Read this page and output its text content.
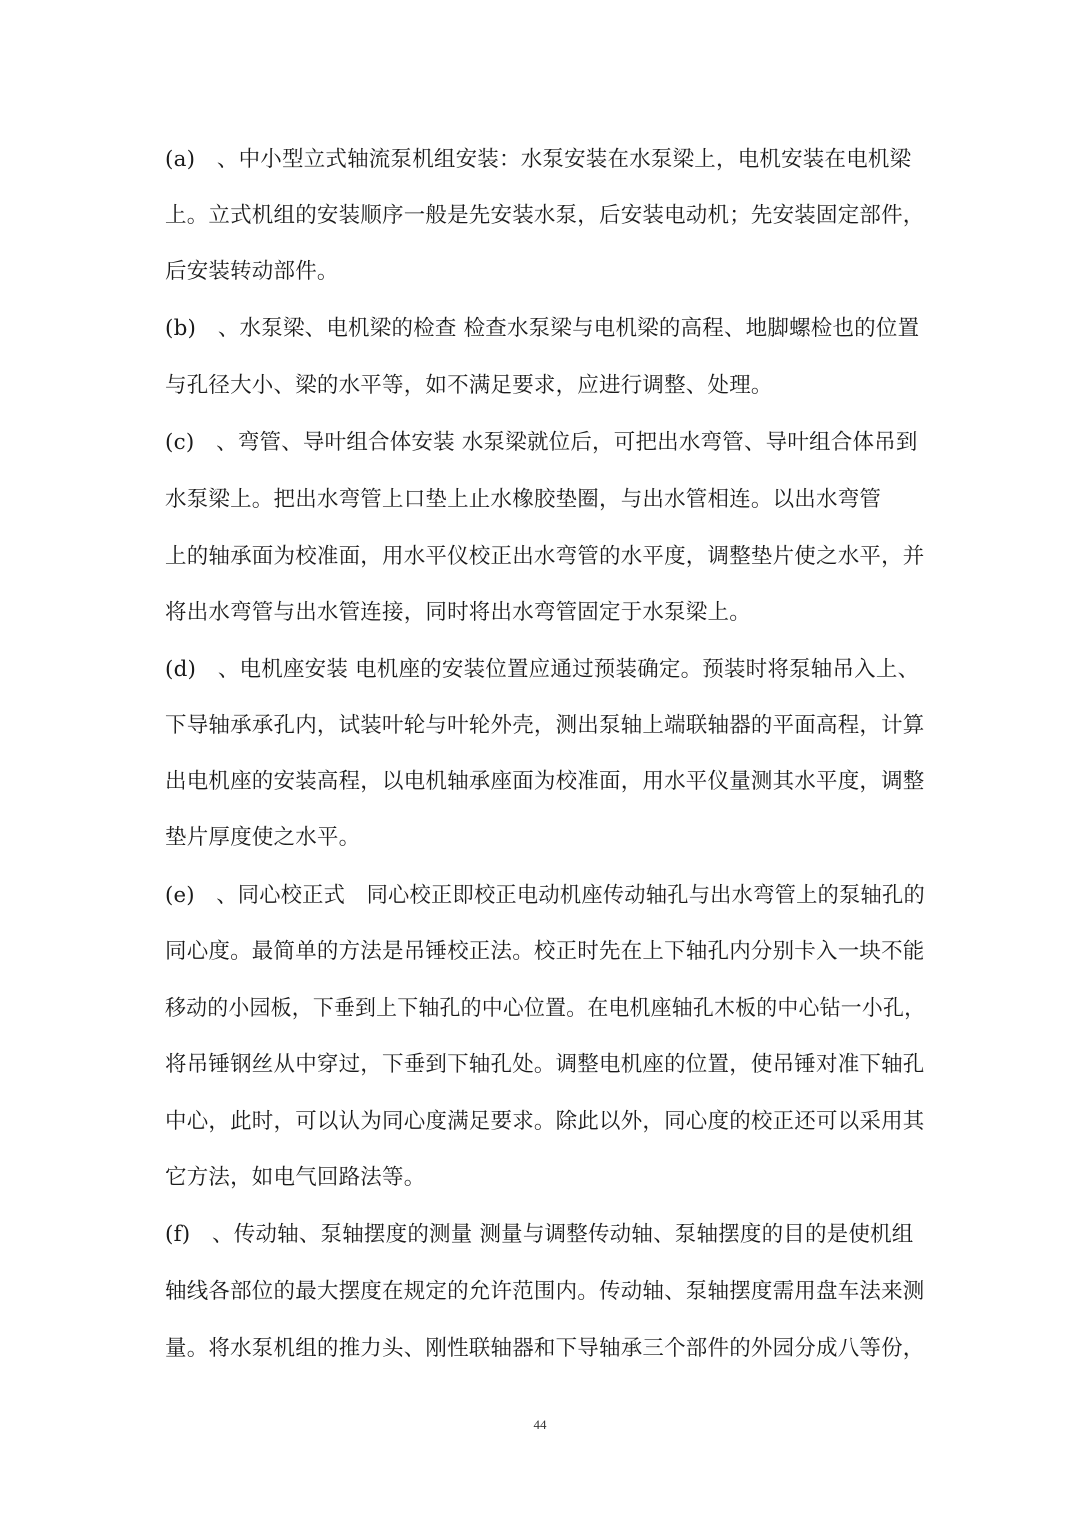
(a)　、中小型立式轴流泵机组安装：水泵安装在水泵梁上，电机安装在电机梁
上。立式机组的安装顺序一般是先安装水泵，后安装电动机；先安装固定部件，
后安装转动部件。
(b)　、水泵梁、电机梁的检查 检查水泵梁与电机梁的高程、地脚螺检也的位置
与孔径大小、梁的水平等，如不满足要求，应进行调整、处理。
(c)　、弯管、导叶组合体安装 水泵梁就位后，可把出水弯管、导叶组合体吊到
水泵梁上。把出水弯管上口垫上止水橡胶垫圈，与出水管相连。以出水弯管
上的轴承面为校准面，用水平仪校正出水弯管的水平度，调整垫片使之水平，并
将出水弯管与出水管连接，同时将出水弯管固定于水泵梁上。
(d)　、电机座安装 电机座的安装位置应通过预装确定。预装时将泵轴吊入上、
下导轴承承孔内，试装叶轮与叶轮外壳，测出泵轴上端联轴器的平面高程，计算
出电机座的安装高程，以电机轴承座面为校准面，用水平仪量测其水平度，调整
垫片厚度使之水平。
(e)　、同心校正式　同心校正即校正电动机座传动轴孔与出水弯管上的泵轴孔的
同心度。最简单的方法是吊锤校正法。校正时先在上下轴孔内分别卡入一块不能
移动的小园板，下垂到上下轴孔的中心位置。在电机座轴孔木板的中心钻一小孔，
将吊锤钢丝从中穿过，下垂到下轴孔处。调整电机座的位置，使吊锤对准下轴孔
中心，此时，可以认为同心度满足要求。除此以外，同心度的校正还可以采用其
它方法，如电气回路法等。
(f)　、传动轴、泵轴摆度的测量 测量与调整传动轴、泵轴摆度的目的是使机组
轴线各部位的最大摆度在规定的允许范围内。传动轴、泵轴摆度需用盘车法来测
量。将水泵机组的推力头、刚性联轴器和下导轴承三个部件的外园分成八等份，
44
